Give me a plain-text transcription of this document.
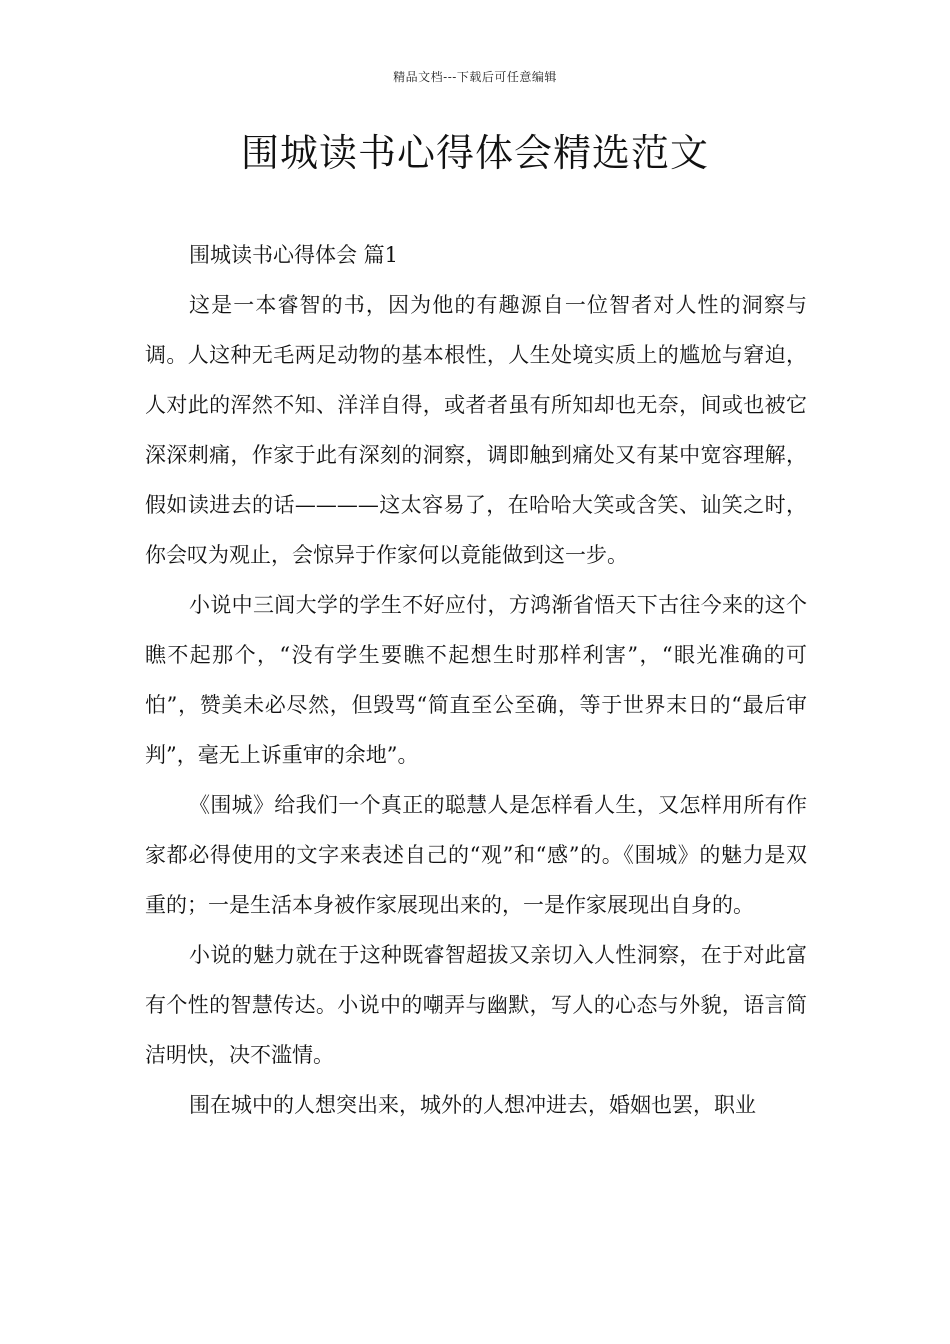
精品文档---下载后可任意编辑
围城读书心得体会精选范文
围城读书心得体会 篇1

这是一本睿智的书，因为他的有趣源自一位智者对人性的洞察与调。人这种无毛两足动物的基本根性，人生处境实质上的尴尬与窘迫，人对此的浑然不知、洋洋自得，或者者虽有所知却也无奈，间或也被它深深刺痛，作家于此有深刻的洞察，调即触到痛处又有某中宽容理解，假如读进去的话————这太容易了，在哈哈大笑或含笑、讪笑之时，你会叹为观止，会惊异于作家何以竟能做到这一步。

小说中三闾大学的学生不好应付，方鸿渐省悟天下古往今来的这个瞧不起那个，“没有学生要瞧不起想生时那样利害”，“眼光准确的可怕”，赞美未必尽然，但毁骂“简直至公至确，等于世界末日的“最后审判”，毫无上诉重审的余地”。

《围城》给我们一个真正的聪慧人是怎样看人生，又怎样用所有作家都必得使用的文字来表述自己的“观”和“感”的。《围城》的魅力是双重的；一是生活本身被作家展现出来的，一是作家展现出自身的。

小说的魅力就在于这种既睿智超拔又亲切入人性洞察，在于对此富有个性的智慧传达。小说中的嘲弄与幽默，写人的心态与外貌，语言简洁明快，决不滥情。

围在城中的人想突出来，城外的人想冲进去，婚姻也罢，职业
